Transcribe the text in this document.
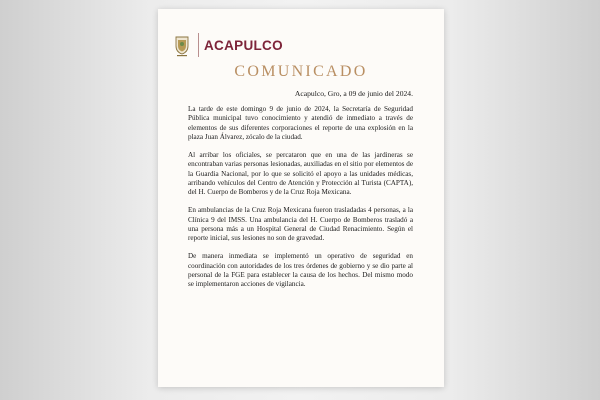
ACAPULCO
COMUNICADO
Acapulco, Gro, a 09 de junio del 2024.

La tarde de este domingo 9 de junio de 2024, la Secretaría de Seguridad Pública municipal tuvo conocimiento y atendió de inmediato a través de elementos de sus diferentes corporaciones el reporte de una explosión en la plaza Juan Álvarez, zócalo de la ciudad.

Al arribar los oficiales, se percataron que en una de las jardineras se encontraban varias personas lesionadas, auxiliadas en el sitio por elementos de la Guardia Nacional, por lo que se solicitó el apoyo a las unidades médicas, arribando vehículos del Centro de Atención y Protección al Turista (CAPTA), del H. Cuerpo de Bomberos y de la Cruz Roja Mexicana.

En ambulancias de la Cruz Roja Mexicana fueron trasladadas 4 personas, a la Clínica 9 del IMSS. Una ambulancia del H. Cuerpo de Bomberos trasladó a una persona más a un Hospital General de Ciudad Renacimiento. Según el reporte inicial, sus lesiones no son de gravedad.

De manera inmediata se implementó un operativo de seguridad en coordinación con autoridades de los tres órdenes de gobierno y se dio parte al personal de la FGE para establecer la causa de los hechos. Del mismo modo se implementaron acciones de vigilancia.
